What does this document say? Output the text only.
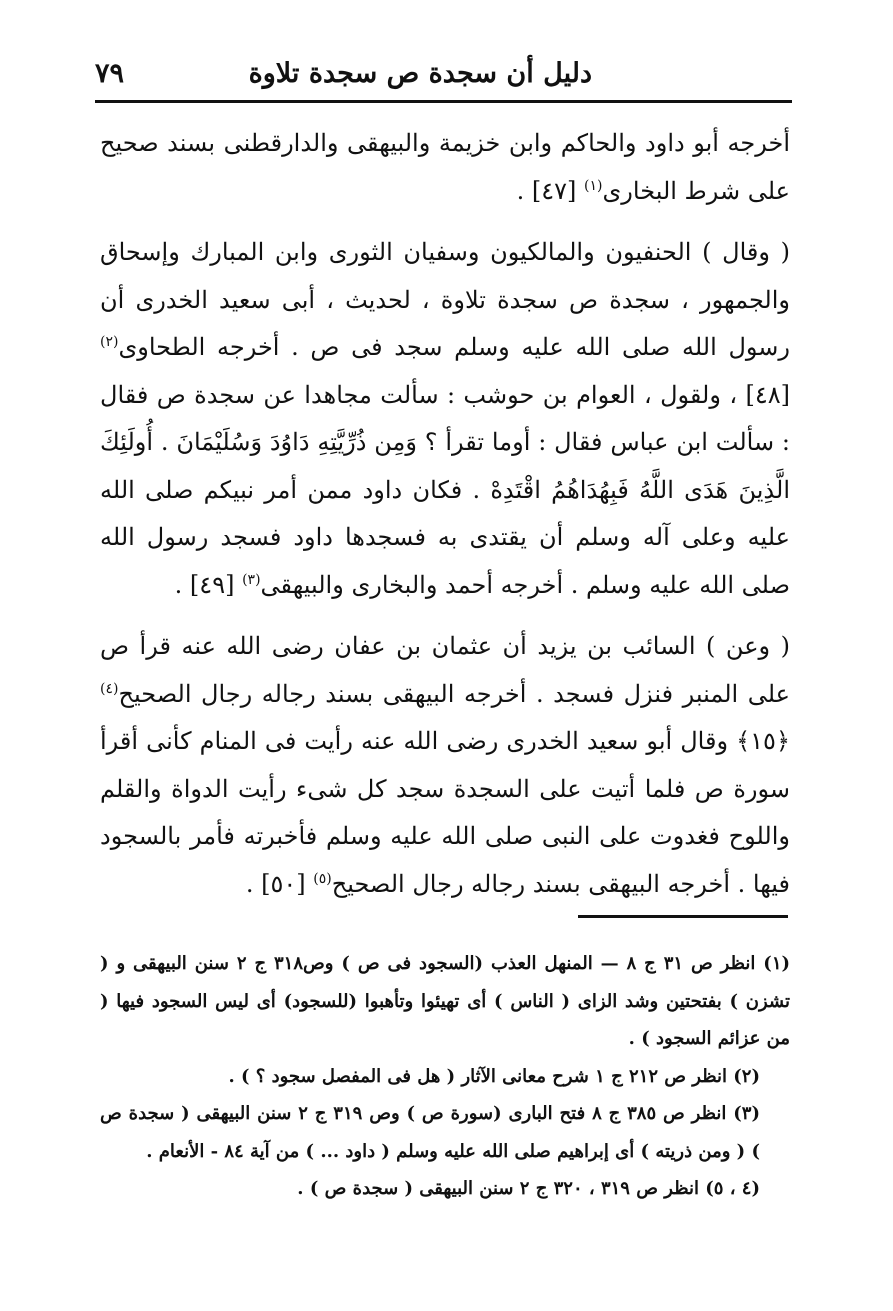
دليل أن سجدة ص سجدة تلاوة
٧٩

أخرجه أبو داود والحاكم وابن خزيمة والبيهقى والدارقطنى بسند صحيح على شرط البخارى$^{(١)}$ [٤٧] .

( وقال ) الحنفيون والمالكيون وسفيان الثورى وابن المبارك وإسحاق والجمهور ، سجدة ص سجدة تلاوة ، لحديث ، أبى سعيد الخدرى أن رسول الله صلى الله عليه وسلم سجد فى ص . أخرجه الطحاوى$^{(٢)}$ [٤٨] ، ولقول ، العوام بن حوشب : سألت مجاهدا عن سجدة ص فقال : سألت ابن عباس فقال : أوما تقرأ ؟ وَمِن ذُرِّيَّتِهِ دَاوُدَ وَسُلَيْمَانَ . أُولَئِكَ الَّذِينَ هَدَى اللَّهُ فَبِهُدَاهُمُ اقْتَدِهْ . فكان داود ممن أمر نبيكم صلى الله عليه وعلى آله وسلم أن يقتدى به فسجدها داود فسجد رسول الله صلى الله عليه وسلم . أخرجه أحمد والبخارى والبيهقى$^{(٣)}$ [٤٩] .

( وعن ) السائب بن يزيد أن عثمان بن عفان رضى الله عنه قرأ ص على المنبر فنزل فسجد . أخرجه البيهقى بسند رجاله رجال الصحيح$^{(٤)}$ ﴿١٥﴾ وقال أبو سعيد الخدرى رضى الله عنه رأيت فى المنام كأنى أقرأ سورة ص فلما أتيت على السجدة سجد كل شىء رأيت الدواة والقلم واللوح فغدوت على النبى صلى الله عليه وسلم فأخبرته فأمر بالسجود فيها . أخرجه البيهقى بسند رجاله رجال الصحيح$^{(٥)}$ [٥٠] .

(١) انظر ص ٣١ ج ٨ — المنهل العذب (السجود فى ص ) وص٣١٨ ج ٢ سنن البيهقى و ( تشزن ) بفتحتين وشد الزاى ( الناس ) أى تهيئوا وتأهبوا (للسجود) أى ليس السجود فيها ( من عزائم السجود ) .

(٢) انظر ص ٢١٢ ج ١ شرح معانى الآثار ( هل فى المفصل سجود ؟ ) .

(٣) انظر ص ٣٨٥ ج ٨ فتح البارى (سورة ص ) وص ٣١٩ ج ٢ سنن البيهقى ( سجدة ص ) ( ومن ذريته ) أى إبراهيم صلى الله عليه وسلم ( داود ... ) من آية ٨٤ - الأنعام .

(٤ ، ٥) انظر ص ٣١٩ ، ٣٢٠ ج ٢ سنن البيهقى ( سجدة ص ) .
